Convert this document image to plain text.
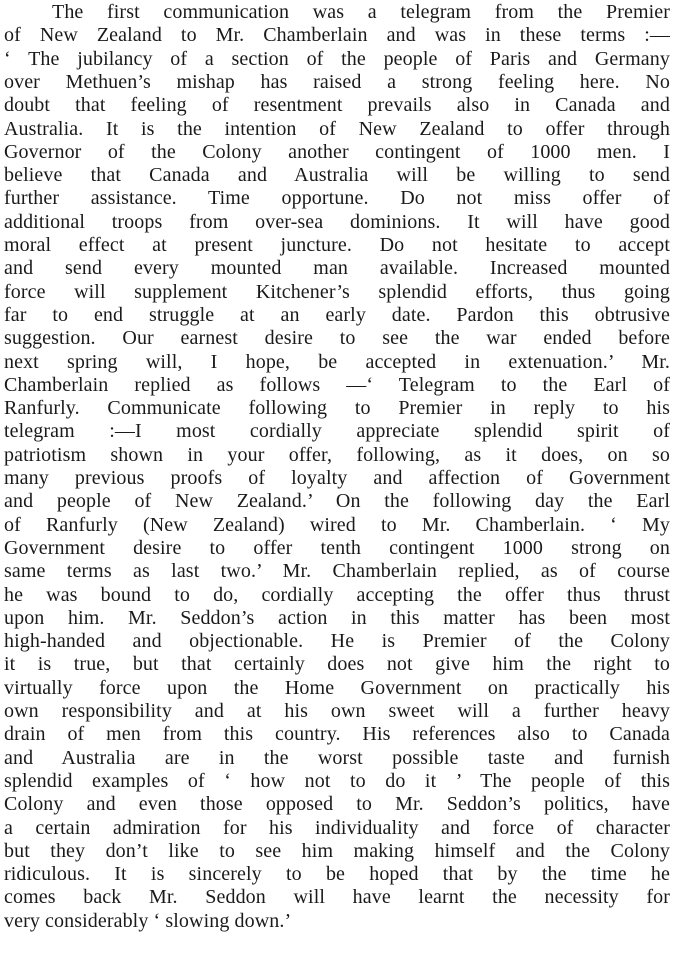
The first communication was a telegram from the Premier
of New Zealand to Mr. Chamberlain and was in these terms :—
‘ The jubilancy of a section of the people of Paris and Germany
over Methuen’s mishap has raised a strong feeling here. No
doubt that feeling of resentment prevails also in Canada and
Australia. It is the intention of New Zealand to offer through
Governor of the Colony another contingent of 1000 men. I
believe that Canada and Australia will be willing to send
further assistance. Time opportune. Do not miss offer of
additional troops from over-sea dominions. It will have good
moral effect at present juncture. Do not hesitate to accept
and send every mounted man available. Increased mounted
force will supplement Kitchener’s splendid efforts, thus going
far to end struggle at an early date. Pardon this obtrusive
suggestion. Our earnest desire to see the war ended before
next spring will, I hope, be accepted in extenuation.’ Mr.
Chamberlain replied as follows —‘ Telegram to the Earl of
Ranfurly. Communicate following to Premier in reply to his
telegram :—I most cordially appreciate splendid spirit of
patriotism shown in your offer, following, as it does, on so
many previous proofs of loyalty and affection of Government
and people of New Zealand.’ On the following day the Earl
of Ranfurly (New Zealand) wired to Mr. Chamberlain. ‘ My
Government desire to offer tenth contingent 1000 strong on
same terms as last two.’ Mr. Chamberlain replied, as of course
he was bound to do, cordially accepting the offer thus thrust
upon him. Mr. Seddon’s action in this matter has been most
high-handed and objectionable. He is Premier of the Colony
it is true, but that certainly does not give him the right to
virtually force upon the Home Government on practically his
own responsibility and at his own sweet will a further heavy
drain of men from this country. His references also to Canada
and Australia are in the worst possible taste and furnish
splendid examples of ‘ how not to do it ’ The people of this
Colony and even those opposed to Mr. Seddon’s politics, have
a certain admiration for his individuality and force of character
but they don’t like to see him making himself and the Colony
ridiculous. It is sincerely to be hoped that by the time he
comes back Mr. Seddon will have learnt the necessity for
very considerably ‘ slowing down.’
